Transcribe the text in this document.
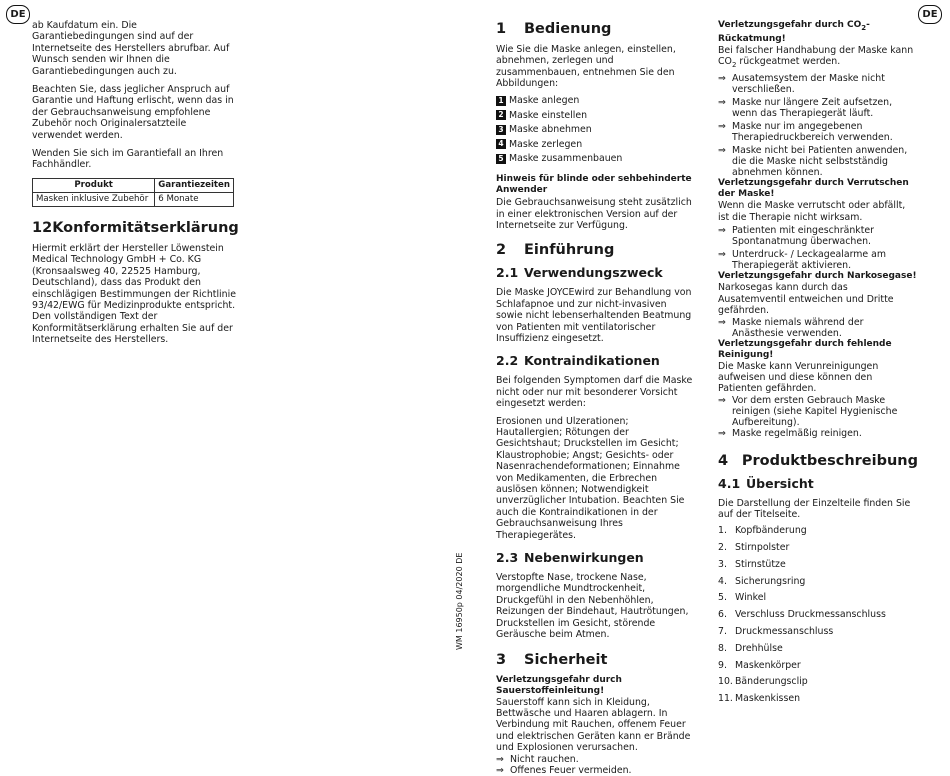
DE	DE

ab Kaufdatum ein. Die Garantiebedingungen sind auf der Internetseite des Herstellers abrufbar. Auf Wunsch senden wir Ihnen die Garantiebedingungen auch zu.

Beachten Sie, dass jeglicher Anspruch auf Garantie und Haftung erlischt, wenn das in der Gebrauchsanweisung empfohlene Zubehör noch Originalersatzteile verwendet werden.

Wenden Sie sich im Garantiefall an Ihren Fachhändler.

Produkt	Garantiezeiten
Masken inklusive Zubehör	6 Monate
12 Konformitätserklärung

Hiermit erklärt der Hersteller Löwenstein Medical Technology GmbH + Co. KG (Kronsaalsweg 40, 22525 Hamburg, Deutschland), dass das Produkt den einschlägigen Bestimmungen der Richtlinie 93/42/EWG für Medizinprodukte entspricht. Den vollständigen Text der Konformitätserklärung erhalten Sie auf der Internetseite des Herstellers.

WM 16950p 04/2020 DE
1	Bedienung

Wie Sie die Maske anlegen, einstellen, abnehmen, zerlegen und zusammenbauen, entnehmen Sie den Abbildungen:

1 Maske anlegen
2 Maske einstellen
3 Maske abnehmen
4 Maske zerlegen
5 Maske zusammenbauen
Hinweis für blinde oder sehbehinderte Anwender

Die Gebrauchsanweisung steht zusätzlich in einer elektronischen Version auf der Internetseite zur Verfügung.

2	Einführung
2.1 Verwendungszweck

Die Maske JOYCEwird zur Behandlung von Schlafapnoe und zur nicht-invasiven sowie nicht lebenserhaltenden Beatmung von Patienten mit ventilatorischer Insuffizienz eingesetzt.

2.2 Kontraindikationen

Bei folgenden Symptomen darf die Maske nicht oder nur mit besonderer Vorsicht eingesetzt werden:

Erosionen und Ulzerationen; Hautallergien; Rötungen der Gesichtshaut; Druckstellen im Gesicht; Klaustrophobie; Angst; Gesichts- oder Nasenrachendeformationen; Einnahme von Medikamenten, die Erbrechen auslösen können; Notwendigkeit unverzüglicher Intubation. Beachten Sie auch die Kontraindikationen in der Gebrauchsanweisung Ihres Therapiegerätes.

2.3 Nebenwirkungen

Verstopfte Nase, trockene Nase, morgendliche Mundtrockenheit, Druckgefühl in den Nebenhöhlen, Reizungen der Bindehaut, Hautrötungen, Druckstellen im Gesicht, störende Geräusche beim Atmen.

3	Sicherheit
Verletzungsgefahr durch Sauerstoffeinleitung!

Sauerstoff kann sich in Kleidung, Bettwäsche und Haaren ablagern. In Verbindung mit Rauchen, offenem Feuer und elektrischen Geräten kann er Brände und Explosionen verursachen.

⇒ Nicht rauchen.
⇒ Offenes Feuer vermeiden.
Verletzungsgefahr durch $CO_2$-Rückatmung!

Bei falscher Handhabung der Maske kann $CO_2$ rückgeatmet werden.

⇒ Ausatemsystem der Maske nicht verschließen.
⇒ Maske nur längere Zeit aufsetzen, wenn das Therapiegerät läuft.
⇒ Maske nur im angegebenen Therapiedruckbereich verwenden.
⇒ Maske nicht bei Patienten anwenden, die die Maske nicht selbstständig abnehmen können.
Verletzungsgefahr durch Verrutschen der Maske!

Wenn die Maske verrutscht oder abfällt, ist die Therapie nicht wirksam.

⇒ Patienten mit eingeschränkter Spontanatmung überwachen.
⇒ Unterdruck- / Leckagealarme am Therapiegerät aktivieren.
Verletzungsgefahr durch Narkosegase!

Narkosegas kann durch das Ausatemventil entweichen und Dritte gefährden.

⇒ Maske niemals während der Anästhesie verwenden.
Verletzungsgefahr durch fehlende Reinigung!

Die Maske kann Verunreinigungen aufweisen und diese können den Patienten gefährden.

⇒ Vor dem ersten Gebrauch Maske reinigen (siehe Kapitel Hygienische Aufbereitung).
⇒ Maske regelmäßig reinigen.
4 Produktbeschreibung
4.1 Übersicht

Die Darstellung der Einzelteile finden Sie auf der Titelseite.

1. Kopfbänderung
2. Stirnpolster
3. Stirnstütze
4. Sicherungsring
5. Winkel
6. Verschluss Druckmessanschluss
7. Druckmessanschluss
8. Drehhülse
9. Maskenkörper
10. Bänderungsclip
11. Maskenkissen
